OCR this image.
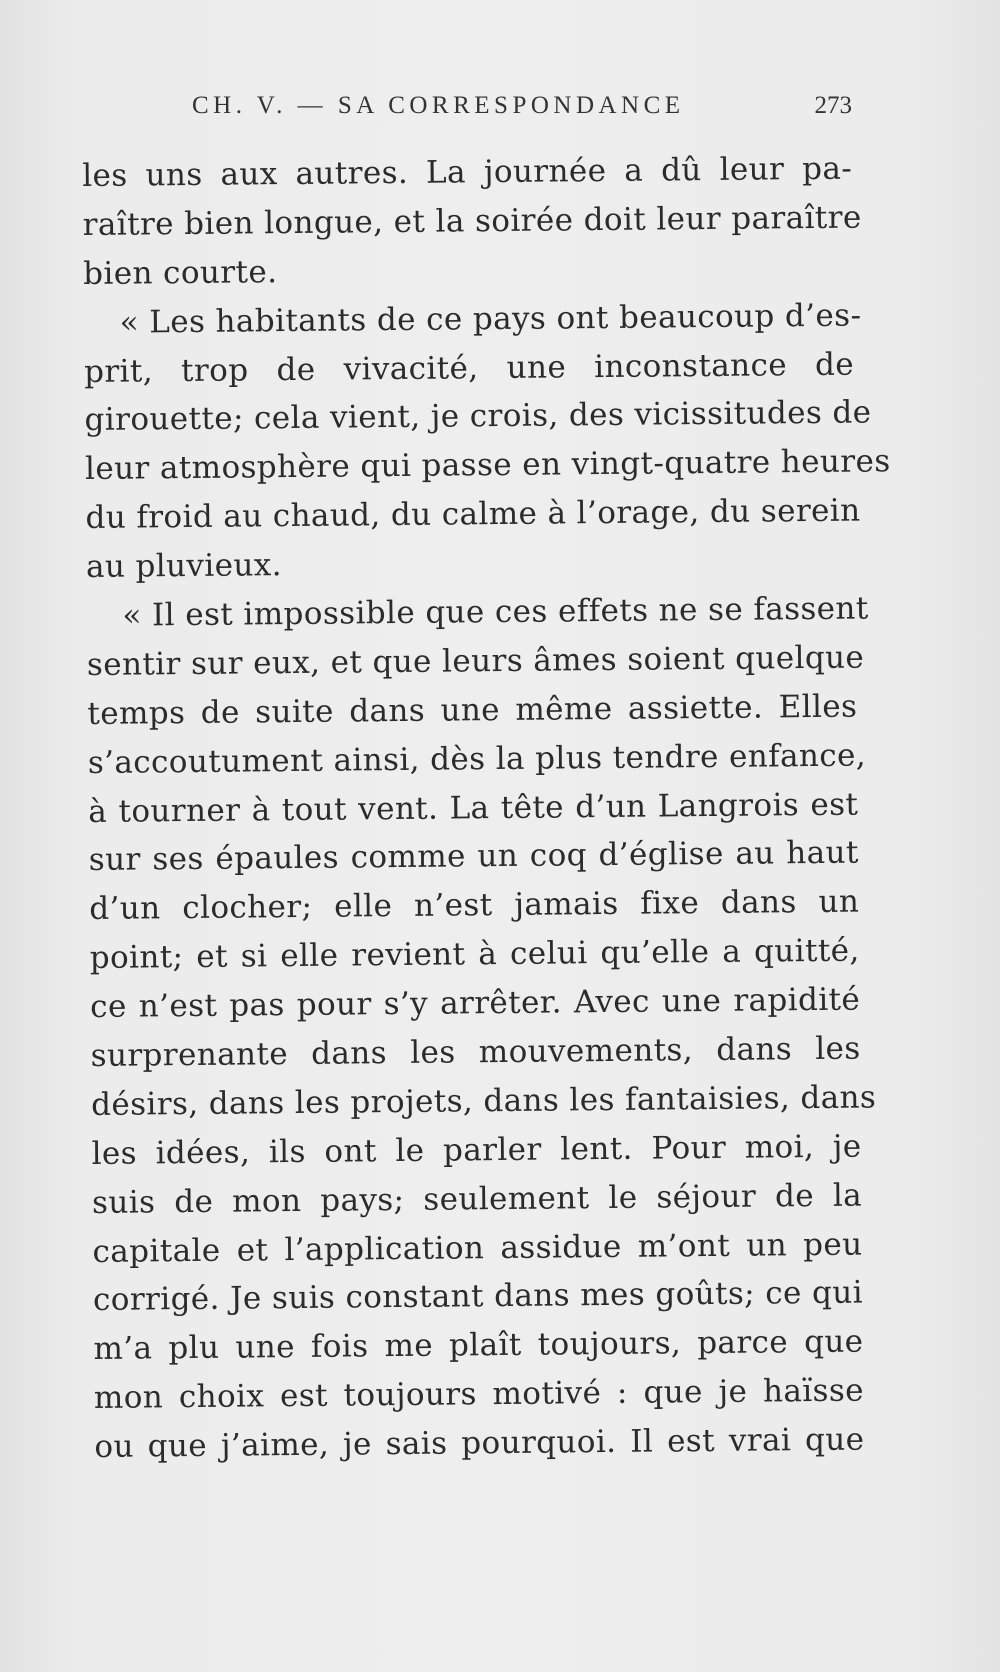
CH. V. — SA CORRESPONDANCE	273
les uns aux autres. La journée a dû leur pa-
raître bien longue, et la soirée doit leur paraître
bien courte.
« Les habitants de ce pays ont beaucoup d’es-
prit, trop de vivacité, une inconstance de
girouette; cela vient, je crois, des vicissitudes de
leur atmosphère qui passe en vingt-quatre heures
du froid au chaud, du calme à l’orage, du serein
au pluvieux.
« Il est impossible que ces effets ne se fassent
sentir sur eux, et que leurs âmes soient quelque
temps de suite dans une même assiette. Elles
s’accoutument ainsi, dès la plus tendre enfance,
à tourner à tout vent. La tête d’un Langrois est
sur ses épaules comme un coq d’église au haut
d’un clocher; elle n’est jamais fixe dans un
point; et si elle revient à celui qu’elle a quitté,
ce n’est pas pour s’y arrêter. Avec une rapidité
surprenante dans les mouvements, dans les
désirs, dans les projets, dans les fantaisies, dans
les idées, ils ont le parler lent. Pour moi, je
suis de mon pays; seulement le séjour de la
capitale et l’application assidue m’ont un peu
corrigé. Je suis constant dans mes goûts; ce qui
m’a plu une fois me plaît toujours, parce que
mon choix est toujours motivé : que je haïsse
ou que j’aime, je sais pourquoi. Il est vrai que
